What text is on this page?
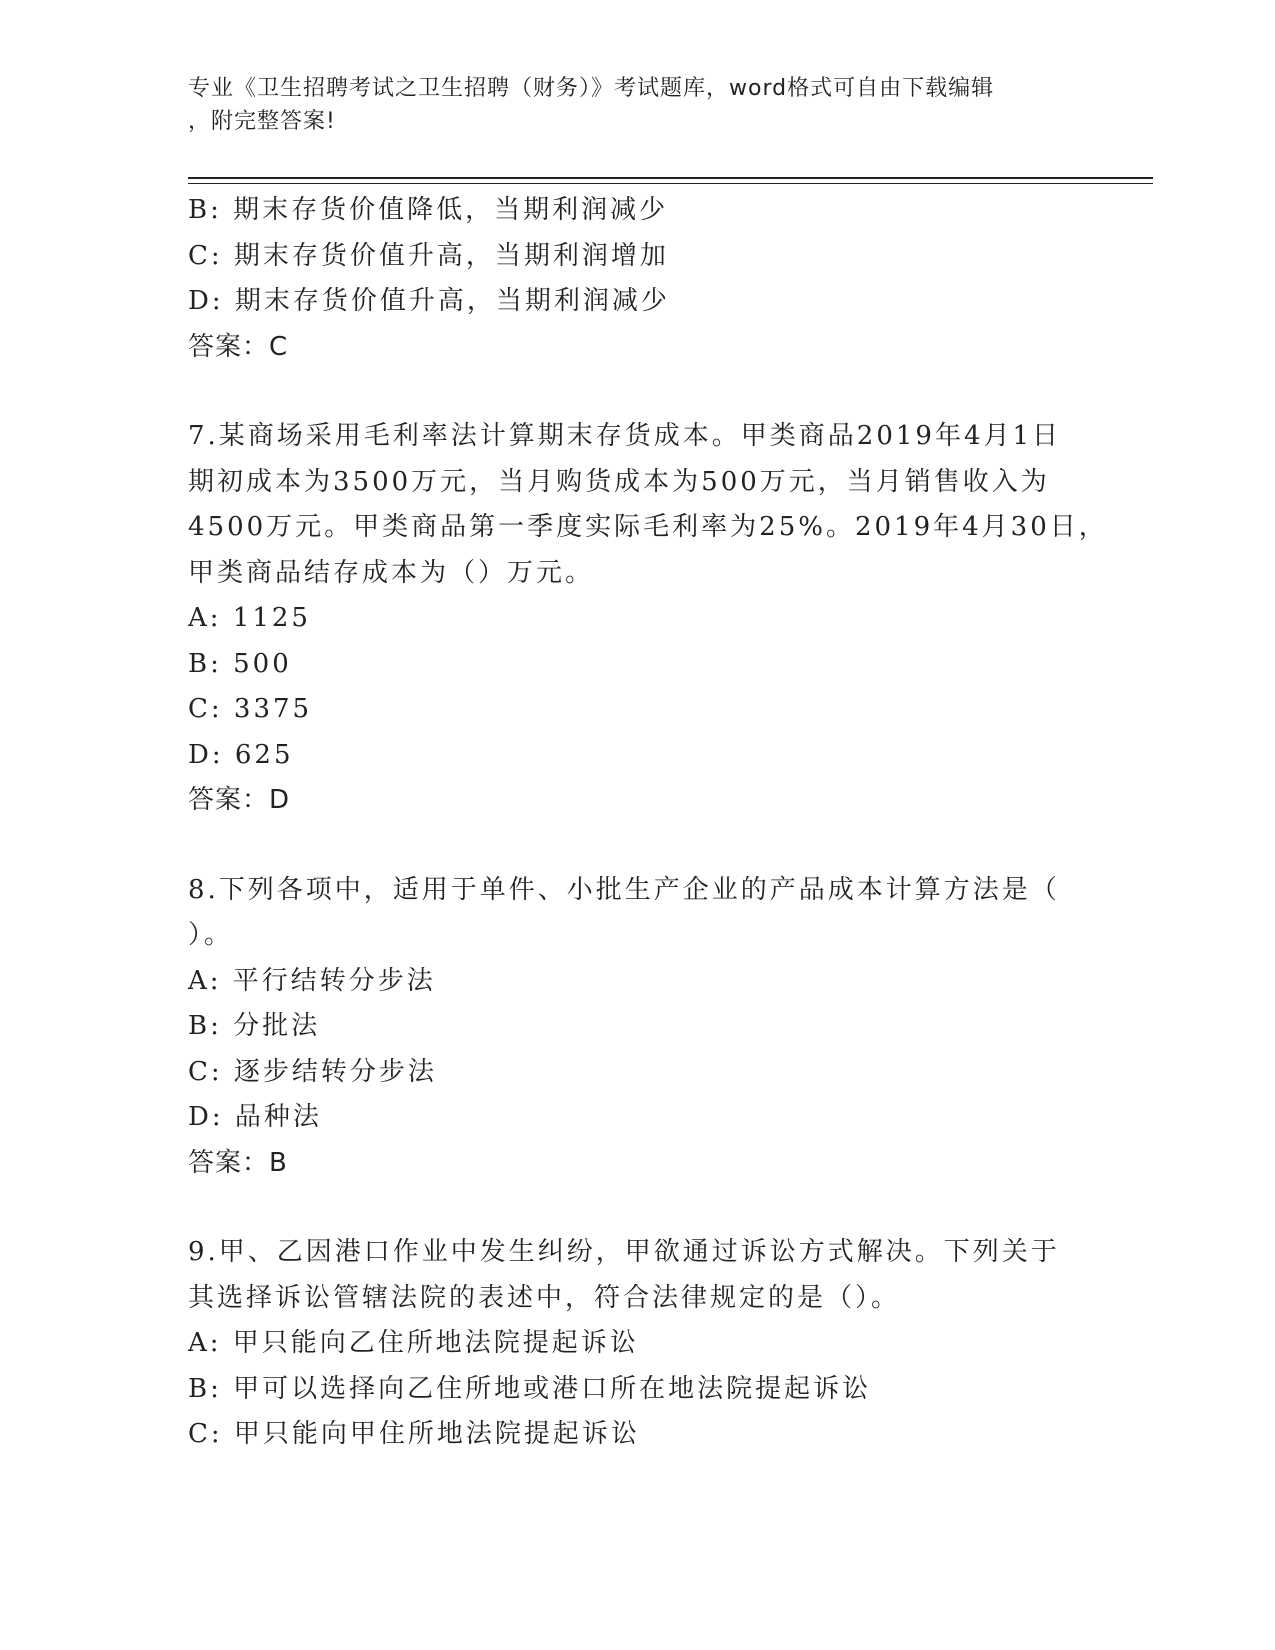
专业《卫生招聘考试之卫生招聘（财务）》考试题库，word格式可自由下载编辑
，附完整答案!
B: 期末存货价值降低，当期利润减少
C: 期末存货价值升高，当期利润增加
D: 期末存货价值升高，当期利润减少
答案：C
7.某商场采用毛利率法计算期末存货成本。甲类商品2019年4月1日
期初成本为3500万元，当月购货成本为500万元，当月销售收入为
4500万元。甲类商品第一季度实际毛利率为25%。2019年4月30日，
甲类商品结存成本为（）万元。
A: 1125
B: 500
C: 3375
D: 625
答案：D
8.下列各项中，适用于单件、小批生产企业的产品成本计算方法是（
）。
A: 平行结转分步法
B: 分批法
C: 逐步结转分步法
D: 品种法
答案：B
9.甲、乙因港口作业中发生纠纷，甲欲通过诉讼方式解决。下列关于
其选择诉讼管辖法院的表述中，符合法律规定的是（）。
A: 甲只能向乙住所地法院提起诉讼
B: 甲可以选择向乙住所地或港口所在地法院提起诉讼
C: 甲只能向甲住所地法院提起诉讼
